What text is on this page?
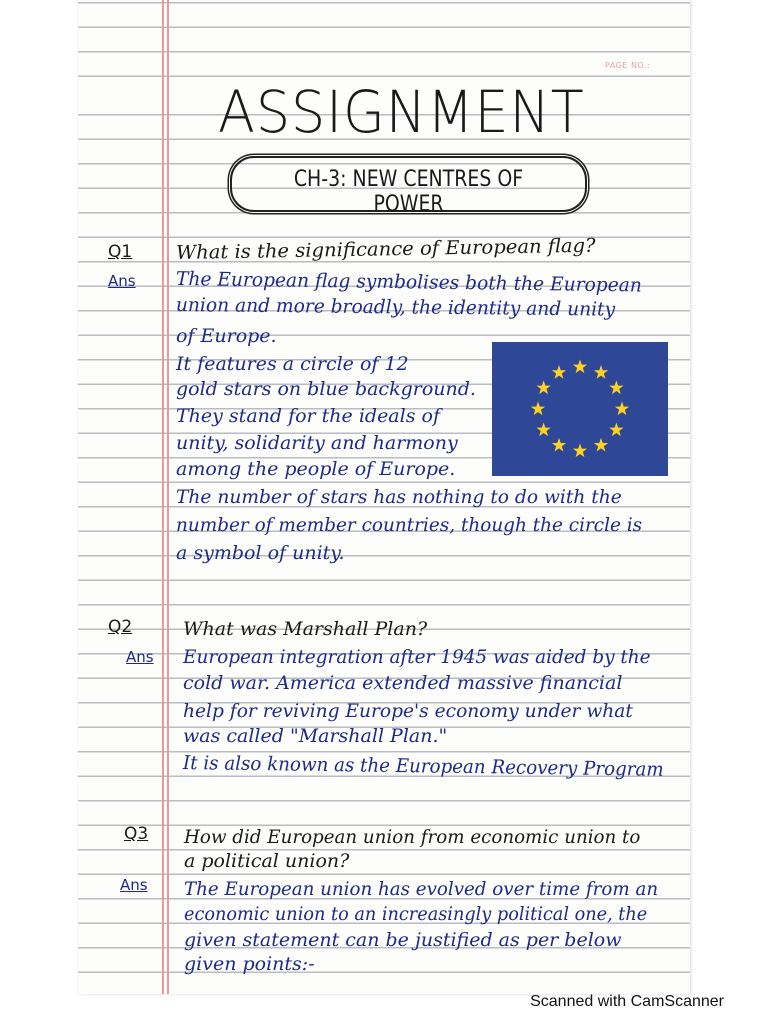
PAGE NO.:
ASSIGNMENT
CH-3: NEW CENTRES OF POWER
Q1 What is the significance of European flag?
Ans The European flag symbolises both the European
union and more broadly, the identity and unity
of Europe.
It features a circle of 12
gold stars on blue background.
They stand for the ideals of
unity, solidarity and harmony
among the people of Europe.
The number of stars has nothing to do with the
number of member countries, though the circle is
a symbol of unity.
Q2	What was Marshall Plan?
Ans European integration after 1945 was aided by the
cold war. America extended massive financial
help for reviving Europe's economy under what
was called "Marshall Plan."
It is also known as the European Recovery Program
Q3 How did European union from economic union to
a political union?
Ans The European union has evolved over time from an
economic union to an increasingly political one, the
given statement can be justified as per below
given points:-
Scanned with CamScanner
